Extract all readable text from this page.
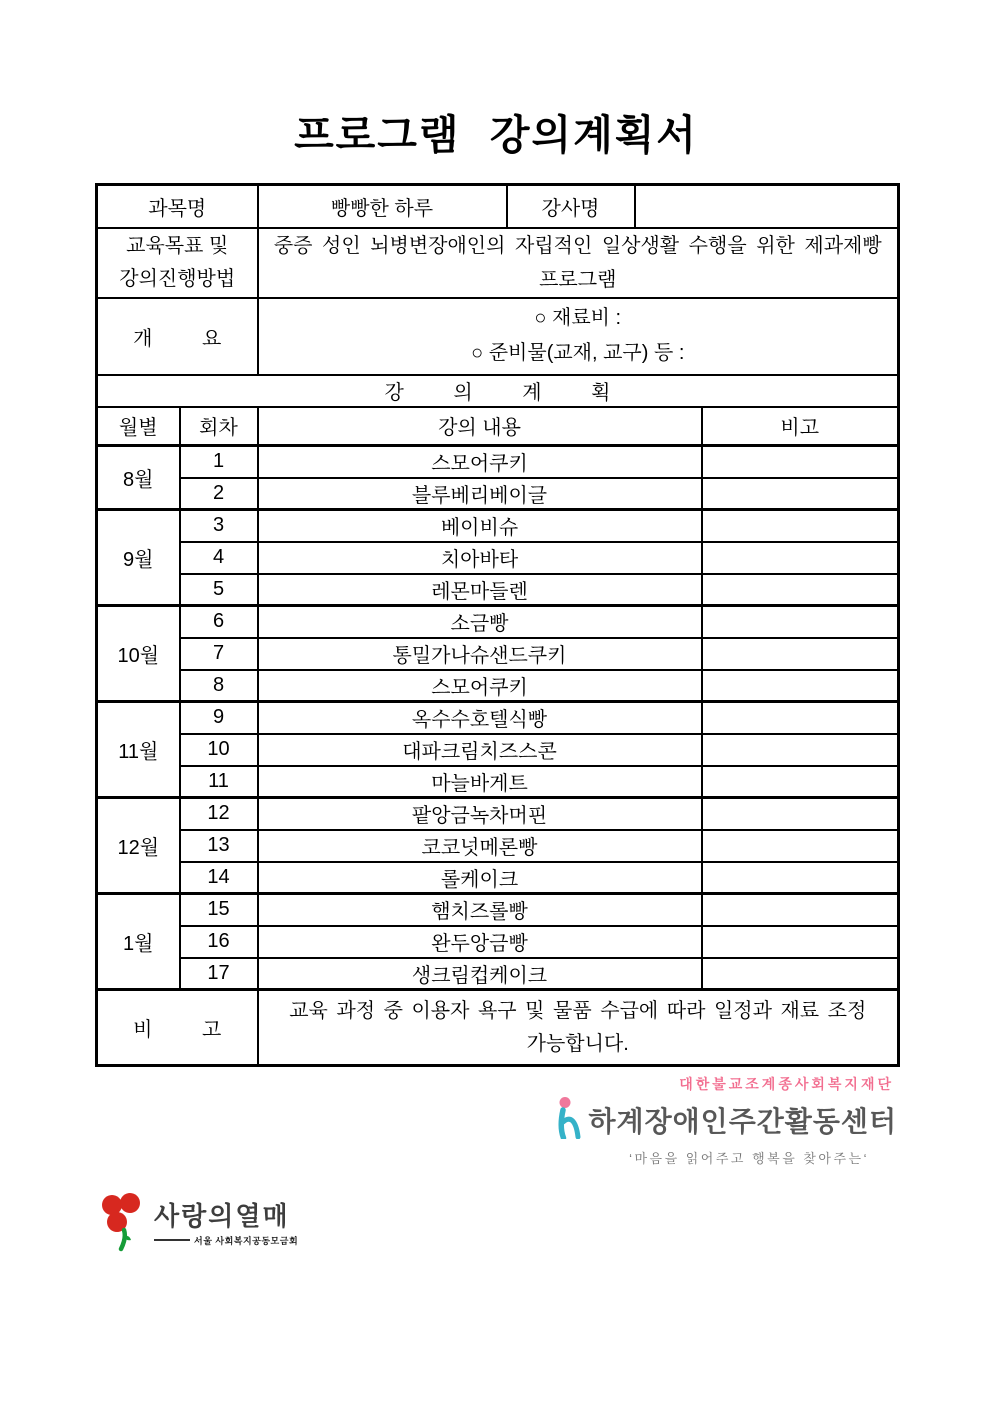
프로그램 강의계획서
과목명		빵빵한 하루	강사명		
교육목표 및
강의진행방법		중증 성인 뇌병변장애인의 자립적인 일상생활 수행을 위한 제과제빵 프로그램			
개 요		○ 재료비 :
○ 준비물(교재, 교구) 등 :			

강 의 계 획					
월별	회차	강의 내용			비고
8월	1	스모어쿠키			
	2	블루베리베이글			
9월	3	베이비슈			
	4	치아바타			
	5	레몬마들렌			
10월	6	소금빵			
	7	통밀가나슈샌드쿠키			
	8	스모어쿠키			
11월	9	옥수수호텔식빵			
	10	대파크림치즈스콘			
	11	마늘바게트			
12월	12	팥앙금녹차머핀			
	13	코코넛메론빵			
	14	롤케이크			
1월	15	햄치즈롤빵			
	16	완두앙금빵			
	17	생크림컵케이크			
비 고		교육 과정 중 이용자 욕구 및 물품 수급에 따라 일정과 재료 조정 가능합니다.			
대한불교조계종사회복지재단
하계장애인주간활동센터
‘마음을 읽어주고 행복을 찾아주는‘
사랑의열매
서울 사회복지공동모금회
